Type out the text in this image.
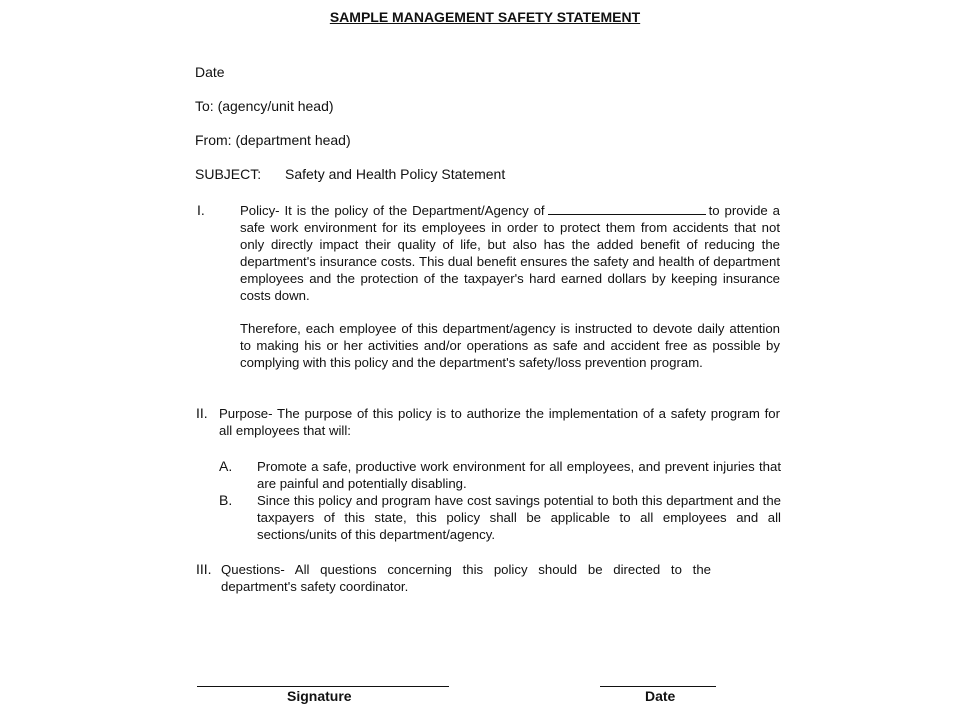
SAMPLE MANAGEMENT SAFETY STATEMENT
Date
To: (agency/unit head)
From: (department head)
SUBJECT: Safety and Health Policy Statement
I.	Policy- It is the policy of the Department/Agency of	to provide a safe work environment for its employees in order to protect them from accidents that not only directly impact their quality of life, but also has the added benefit of reducing the department's insurance costs. This dual benefit ensures the safety and health of department employees and the protection of the taxpayer's hard earned dollars by keeping insurance costs down.
Therefore, each employee of this department/agency is instructed to devote daily attention to making his or her activities and/or operations as safe and accident free as possible by complying with this policy and the department's safety/loss prevention program.
II. Purpose- The purpose of this policy is to authorize the implementation of a safety program for all employees that will:
A. Promote a safe, productive work environment for all employees, and prevent injuries that are painful and potentially disabling.
B. Since this policy and program have cost savings potential to both this department and the taxpayers of this state, this policy shall be applicable to all employees and all sections/units of this department/agency.
III. Questions- All questions concerning this policy should be directed to the department's safety coordinator.
Signature	Date
